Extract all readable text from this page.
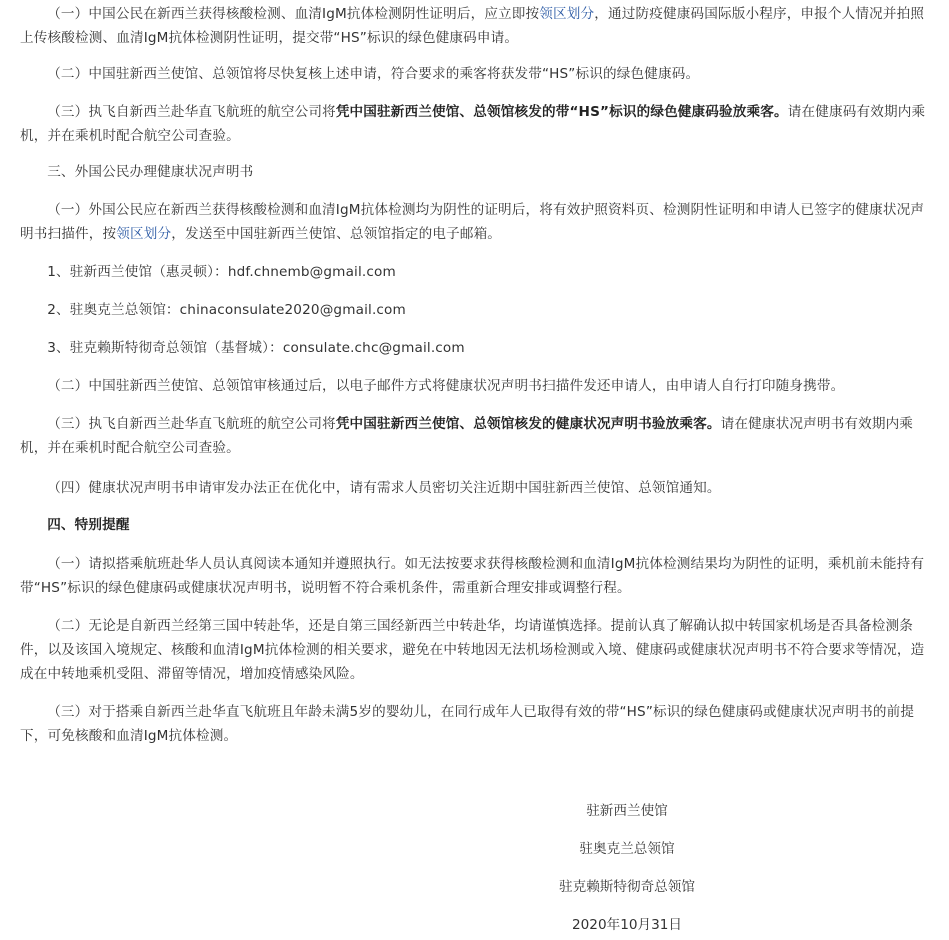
（一）中国公民在新西兰获得核酸检测、血清IgM抗体检测阴性证明后，应立即按领区划分，通过防疫健康码国际版小程序，申报个人情况并拍照上传核酸检测、血清IgM抗体检测阴性证明，提交带“HS”标识的绿色健康码申请。

（二）中国驻新西兰使馆、总领馆将尽快复核上述申请，符合要求的乘客将获发带“HS”标识的绿色健康码。

（三）执飞自新西兰赴华直飞航班的航空公司将凭中国驻新西兰使馆、总领馆核发的带“HS”标识的绿色健康码验放乘客。请在健康码有效期内乘机，并在乘机时配合航空公司查验。

三、外国公民办理健康状况声明书

（一）外国公民应在新西兰获得核酸检测和血清IgM抗体检测均为阴性的证明后，将有效护照资料页、检测阴性证明和申请人已签字的健康状况声明书扫描件，按领区划分，发送至中国驻新西兰使馆、总领馆指定的电子邮箱。

1、驻新西兰使馆（惠灵顿）：hdf.chnemb@gmail.com

2、驻奥克兰总领馆：chinaconsulate2020@gmail.com

3、驻克赖斯特彻奇总领馆（基督城）：consulate.chc@gmail.com

（二）中国驻新西兰使馆、总领馆审核通过后，以电子邮件方式将健康状况声明书扫描件发还申请人，由申请人自行打印随身携带。

（三）执飞自新西兰赴华直飞航班的航空公司将凭中国驻新西兰使馆、总领馆核发的健康状况声明书验放乘客。请在健康状况声明书有效期内乘机，并在乘机时配合航空公司查验。

（四）健康状况声明书申请审发办法正在优化中，请有需求人员密切关注近期中国驻新西兰使馆、总领馆通知。

四、特别提醒

（一）请拟搭乘航班赴华人员认真阅读本通知并遵照执行。如无法按要求获得核酸检测和血清IgM抗体检测结果均为阴性的证明，乘机前未能持有带“HS”标识的绿色健康码或健康状况声明书，说明暂不符合乘机条件，需重新合理安排或调整行程。

（二）无论是自新西兰经第三国中转赴华，还是自第三国经新西兰中转赴华，均请谨慎选择。提前认真了解确认拟中转国家机场是否具备检测条件，以及该国入境规定、核酸和血清IgM抗体检测的相关要求，避免在中转地因无法机场检测或入境、健康码或健康状况声明书不符合要求等情况，造成在中转地乘机受阻、滞留等情况，增加疫情感染风险。

（三）对于搭乘自新西兰赴华直飞航班且年龄未满5岁的婴幼儿，在同行成年人已取得有效的带“HS”标识的绿色健康码或健康状况声明书的前提下，可免核酸和血清IgM抗体检测。

驻新西兰使馆

驻奥克兰总领馆

驻克赖斯特彻奇总领馆

2020年10月31日
